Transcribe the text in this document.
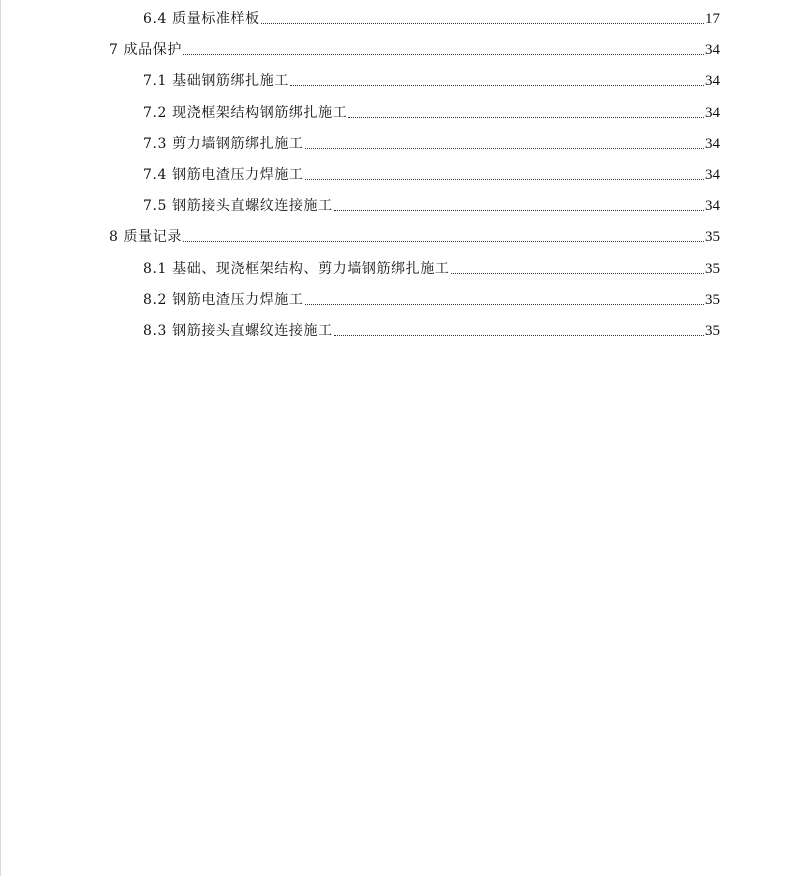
6.4 质量标准样板	17
7 成品保护	34
7.1 基础钢筋绑扎施工	34
7.2 现浇框架结构钢筋绑扎施工	34
7.3 剪力墙钢筋绑扎施工	34
7.4 钢筋电渣压力焊施工	34
7.5 钢筋接头直螺纹连接施工	34
8 质量记录	35
8.1 基础、现浇框架结构、剪力墙钢筋绑扎施工	35
8.2 钢筋电渣压力焊施工	35
8.3 钢筋接头直螺纹连接施工	35
